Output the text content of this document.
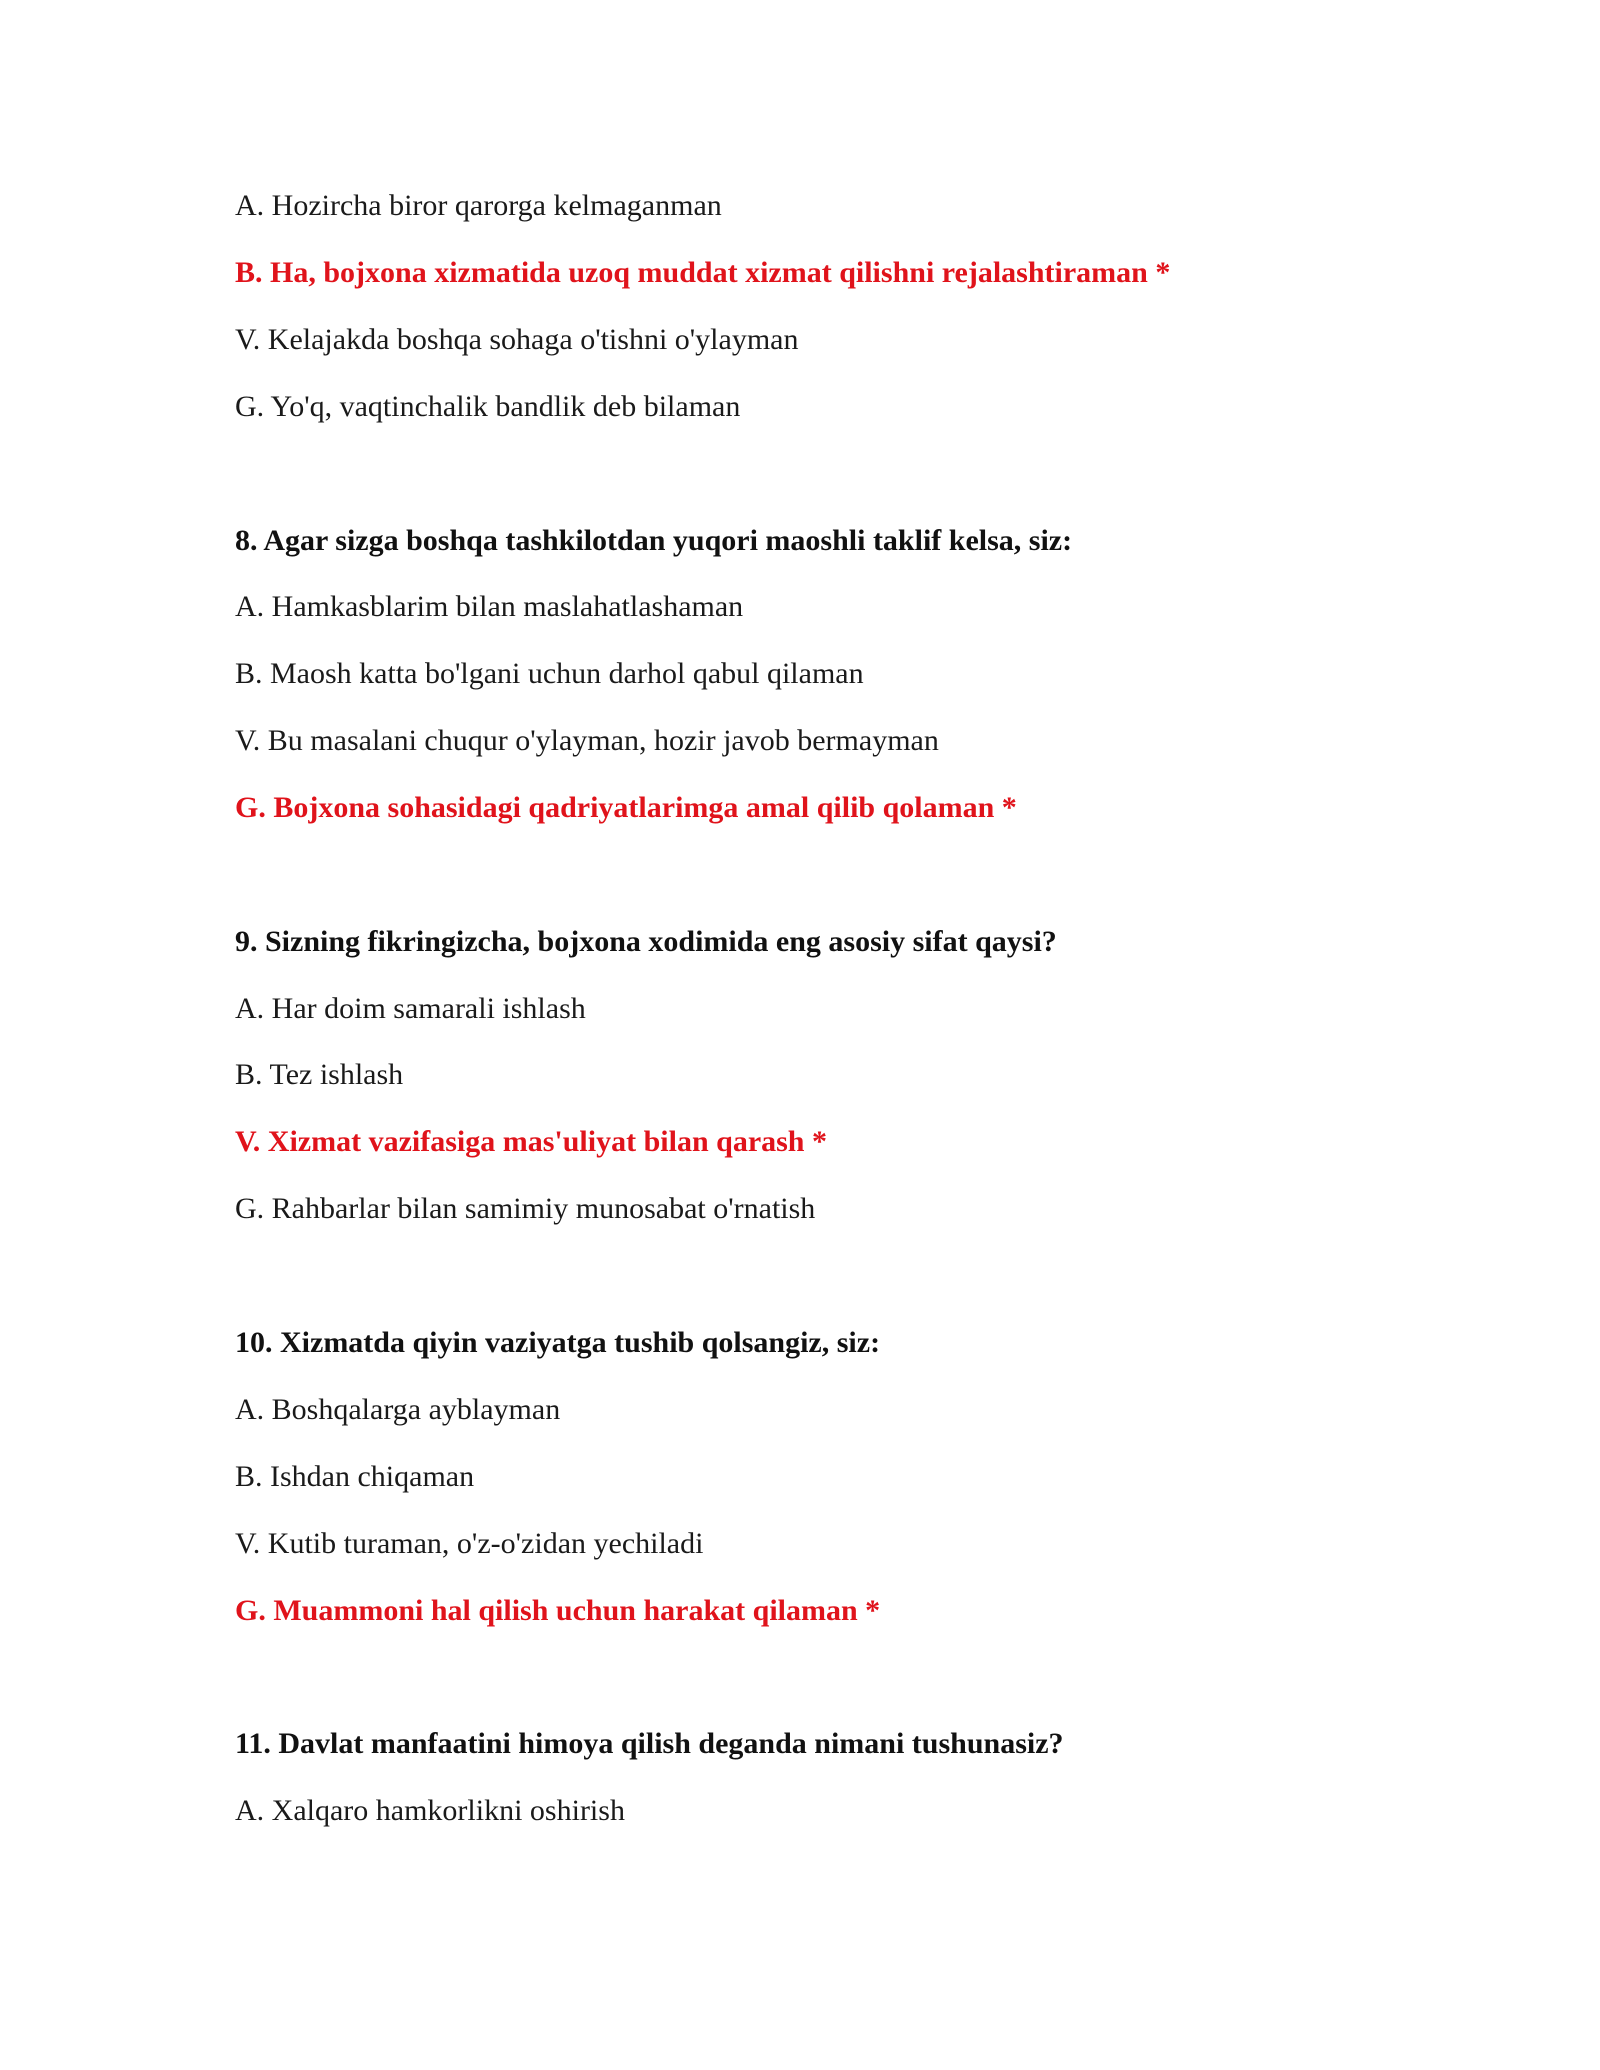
A. Hozircha biror qarorga kelmaganman
B. Ha, bojxona xizmatida uzoq muddat xizmat qilishni rejalashtiraman *
V. Kelajakda boshqa sohaga o'tishni o'ylayman
G. Yo'q, vaqtinchalik bandlik deb bilaman
8. Agar sizga boshqa tashkilotdan yuqori maoshli taklif kelsa, siz:
A. Hamkasblarim bilan maslahatlashaman
B. Maosh katta bo'lgani uchun darhol qabul qilaman
V. Bu masalani chuqur o'ylayman, hozir javob bermayman
G. Bojxona sohasidagi qadriyatlarimga amal qilib qolaman *
9. Sizning fikringizcha, bojxona xodimida eng asosiy sifat qaysi?
A. Har doim samarali ishlash
B. Tez ishlash
V. Xizmat vazifasiga mas'uliyat bilan qarash *
G. Rahbarlar bilan samimiy munosabat o'rnatish
10. Xizmatda qiyin vaziyatga tushib qolsangiz, siz:
A. Boshqalarga ayblayman
B. Ishdan chiqaman
V. Kutib turaman, o'z-o'zidan yechiladi
G. Muammoni hal qilish uchun harakat qilaman *
11. Davlat manfaatini himoya qilish deganda nimani tushunasiz?
A. Xalqaro hamkorlikni oshirish
